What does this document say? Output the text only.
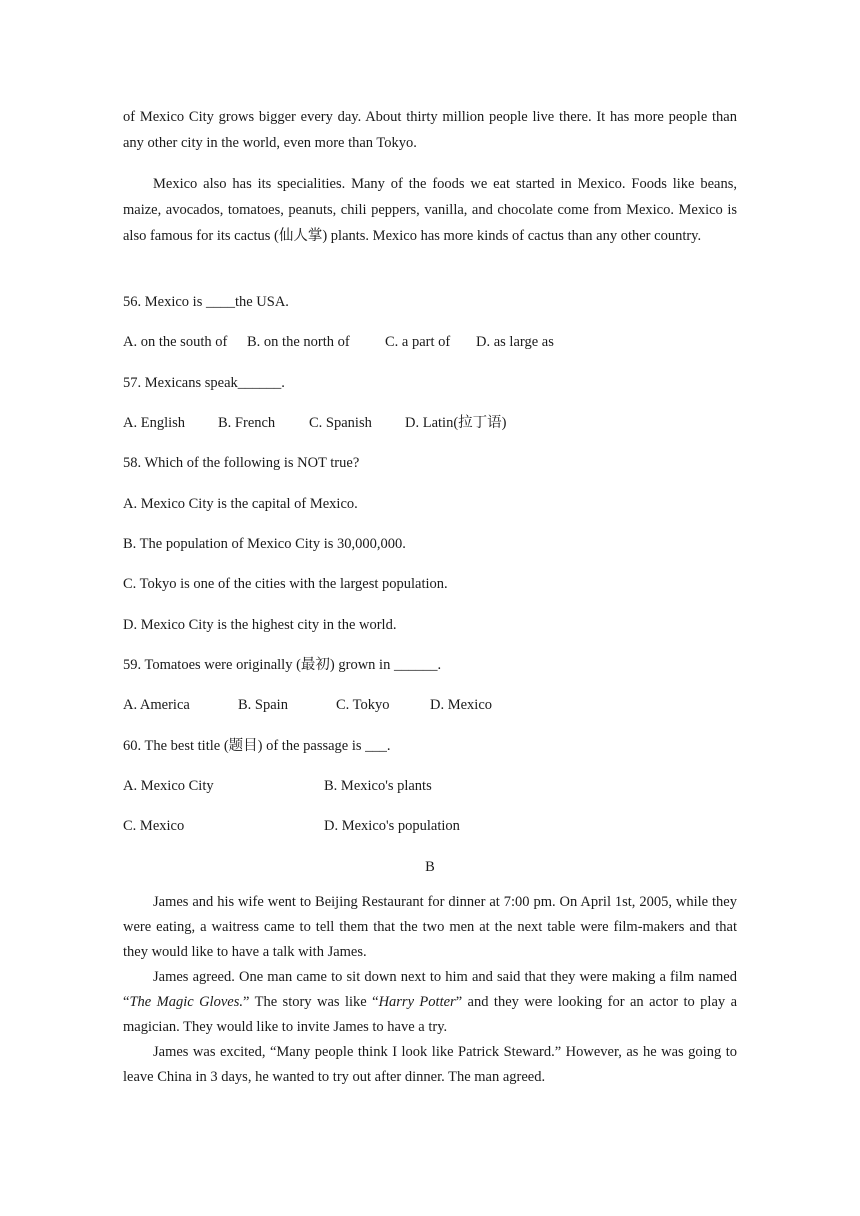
of Mexico City grows bigger every day. About thirty million people live there. It has more people than any other city in the world, even more than Tokyo.
Mexico also has its specialities. Many of the foods we eat started in Mexico. Foods like beans, maize, avocados, tomatoes, peanuts, chili peppers, vanilla, and chocolate come from Mexico. Mexico is also famous for its cactus (仙人掌) plants. Mexico has more kinds of cactus than any other country.
56. Mexico is ____the USA.
A. on the south of B. on the north of C. a part of D. as large as
57. Mexicans speak______.
A. English B. French C. Spanish D. Latin(拉丁语)
58. Which of the following is NOT true?
A. Mexico City is the capital of Mexico.
B. The population of Mexico City is 30,000,000.
C. Tokyo is one of the cities with the largest population.
D. Mexico City is the highest city in the world.
59. Tomatoes were originally (最初) grown in ______.
A. America	B. Spain	C. Tokyo	D. Mexico
60. The best title (题目) of the passage is ___.
A. Mexico City	B. Mexico's plants
C. Mexico	D. Mexico's population
B
James and his wife went to Beijing Restaurant for dinner at 7:00 pm. On April 1st, 2005, while they were eating, a waitress came to tell them that the two men at the next table were film-makers and that they would like to have a talk with James.
James agreed. One man came to sit down next to him and said that they were making a film named “The Magic Gloves.” The story was like “Harry Potter” and they were looking for an actor to play a magician. They would like to invite James to have a try.
James was excited, “Many people think I look like Patrick Steward.” However, as he was going to leave China in 3 days, he wanted to try out after dinner. The man agreed.
